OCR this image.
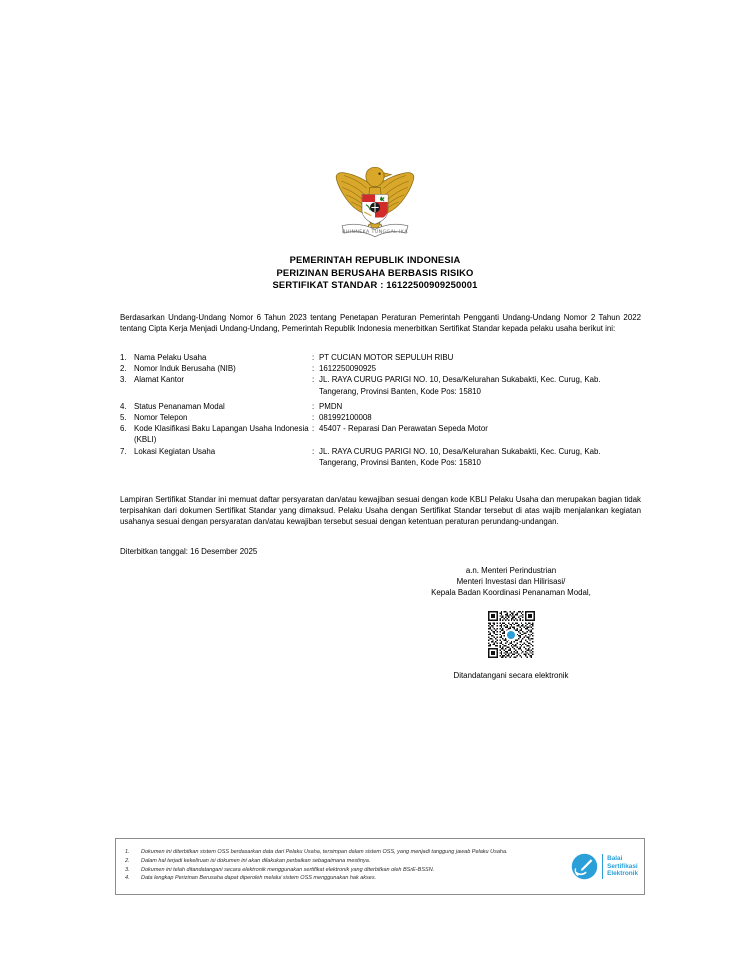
BHINNEKA TUNGGAL IKA
PEMERINTAH REPUBLIK INDONESIA
PERIZINAN BERUSAHA BERBASIS RISIKO
SERTIFIKAT STANDAR : 16122500909250001

Berdasarkan Undang-Undang Nomor 6 Tahun 2023 tentang Penetapan Peraturan Pemerintah Pengganti Undang-Undang Nomor 2 Tahun 2022 tentang Cipta Kerja Menjadi Undang-Undang, Pemerintah Republik Indonesia menerbitkan Sertifikat Standar kepada pelaku usaha berikut ini:

1.	Nama Pelaku Usaha	:	PT CUCIAN MOTOR SEPULUH RIBU
2.	Nomor Induk Berusaha (NIB)	:	1612250090925
3.	Alamat Kantor	:	JL. RAYA CURUG PARIGI NO. 10, Desa/Kelurahan Sukabakti, Kec. Curug, Kab. Tangerang, Provinsi Banten, Kode Pos: 15810

4.	Status Penanaman Modal	:	PMDN
5.	Nomor Telepon	:	081992100008
6.	Kode Klasifikasi Baku Lapangan Usaha Indonesia (KBLI)	:	45407 - Reparasi Dan Perawatan Sepeda Motor
7.	Lokasi Kegiatan Usaha	:	JL. RAYA CURUG PARIGI NO. 10, Desa/Kelurahan Sukabakti, Kec. Curug, Kab. Tangerang, Provinsi Banten, Kode Pos: 15810

Lampiran Sertifikat Standar ini memuat daftar persyaratan dan/atau kewajiban sesuai dengan kode KBLI Pelaku Usaha dan merupakan bagian tidak terpisahkan dari dokumen Sertifikat Standar yang dimaksud. Pelaku Usaha dengan Sertifikat Standar tersebut di atas wajib menjalankan kegiatan usahanya sesuai dengan persyaratan dan/atau kewajiban tersebut sesuai dengan ketentuan peraturan perundang-undangan.

Diterbitkan tanggal: 16 Desember 2025
a.n. Menteri Perindustrian
Menteri Investasi dan Hilirisasi/
Kepala Badan Koordinasi Penanaman Modal,
Ditandatangani secara elektronik
1.	Dokumen ini diterbitkan sistem OSS berdasarkan data dari Pelaku Usaha, tersimpan dalam sistem OSS, yang menjadi tanggung jawab Pelaku Usaha.
2.	Dalam hal terjadi kekeliruan isi dokumen ini akan dilakukan perbaikan sebagaimana mestinya.
3.	Dokumen ini telah ditandatangani secara elektronik menggunakan sertifikat elektronik yang diterbitkan oleh BSrE-BSSN.
4.	Data lengkap Perizinan Berusaha dapat diperoleh melalui sistem OSS menggunakan hak akses.
Balai
Sertifikasi
Elektronik
